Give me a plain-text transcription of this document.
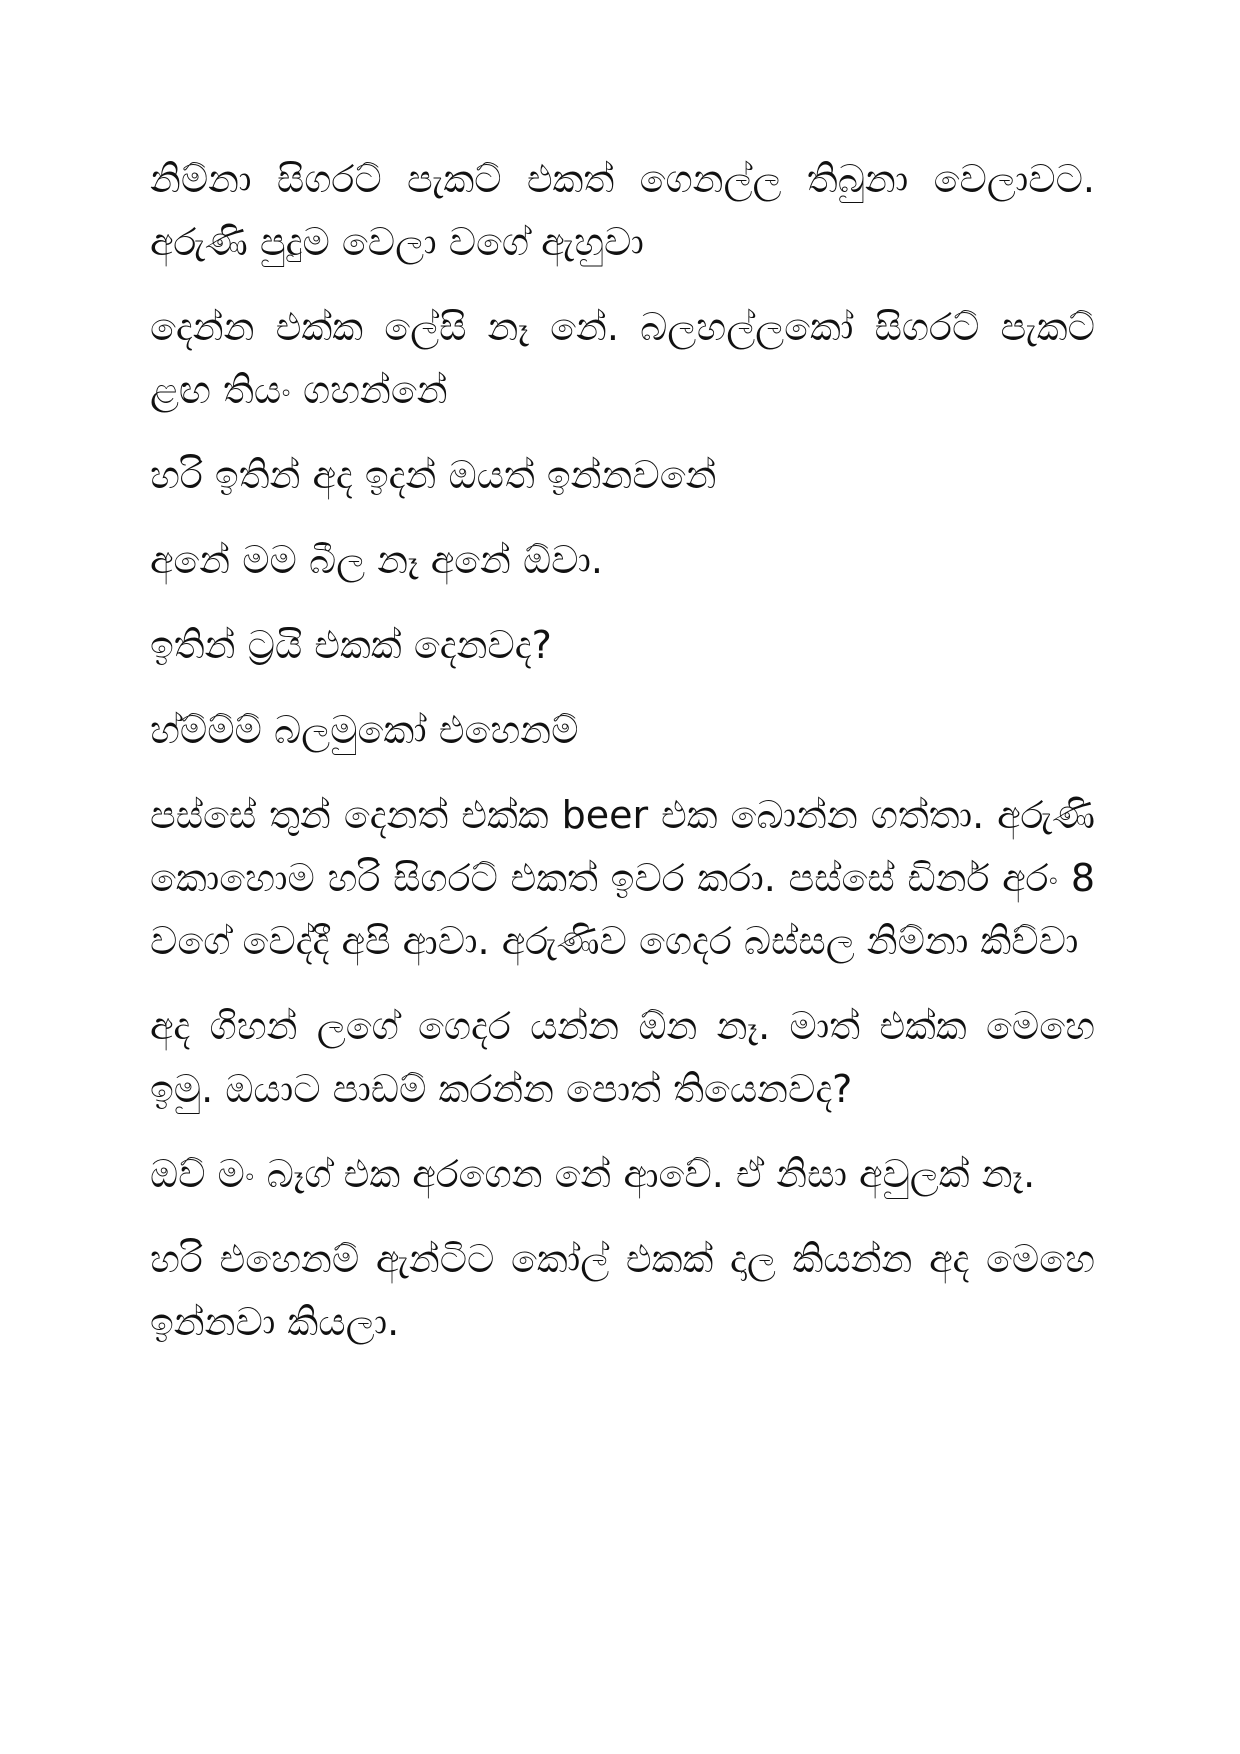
නිම්නා සිගරට් පැකට් එකත් ගෙනල්ල තිබුනා වෙලාවට. අරුණි පුදුම වෙලා වගේ ඇහුවා

දෙන්න එක්ක ලේසි නෑ නේ. බලහල්ලකෝ සිගරට් පැකට් ළඟ තියං ගහන්නේ

හරි ඉතින් අද ඉදන් ඔයත් ඉන්නවනේ

අනේ මම බීල නෑ අනේ ඕවා.

ඉතින් ට්‍රයි එකක් දෙනවද?

හ්ම්ම්ම් බලමුකෝ එහෙනම්

පස්සේ තුන් දෙනත් එක්ක beer එක බොන්න ගත්තා. අරුණි කොහොම හරි සිගරට් එකත් ඉවර කරා. පස්සේ ඩිනර් අරං 8 වගේ වෙද්දී අපි ආවා. අරුණිව ගෙදර බස්සල නිම්නා කිව්වා

අද ගිහන් ලගේ ගෙදර යන්න ඕන නෑ. මාත් එක්ක මෙහෙ ඉමු. ඔයාට පාඩම් කරන්න පොත් තියෙනවද?

ඔව් මං බෑග් එක අරගෙන නේ ආවේ. ඒ නිසා අවුලක් නෑ.

හරි එහෙනම් ඇන්ටිට කෝල් එකක් දාල කියන්න අද මෙහෙ ඉන්නවා කියලා.
